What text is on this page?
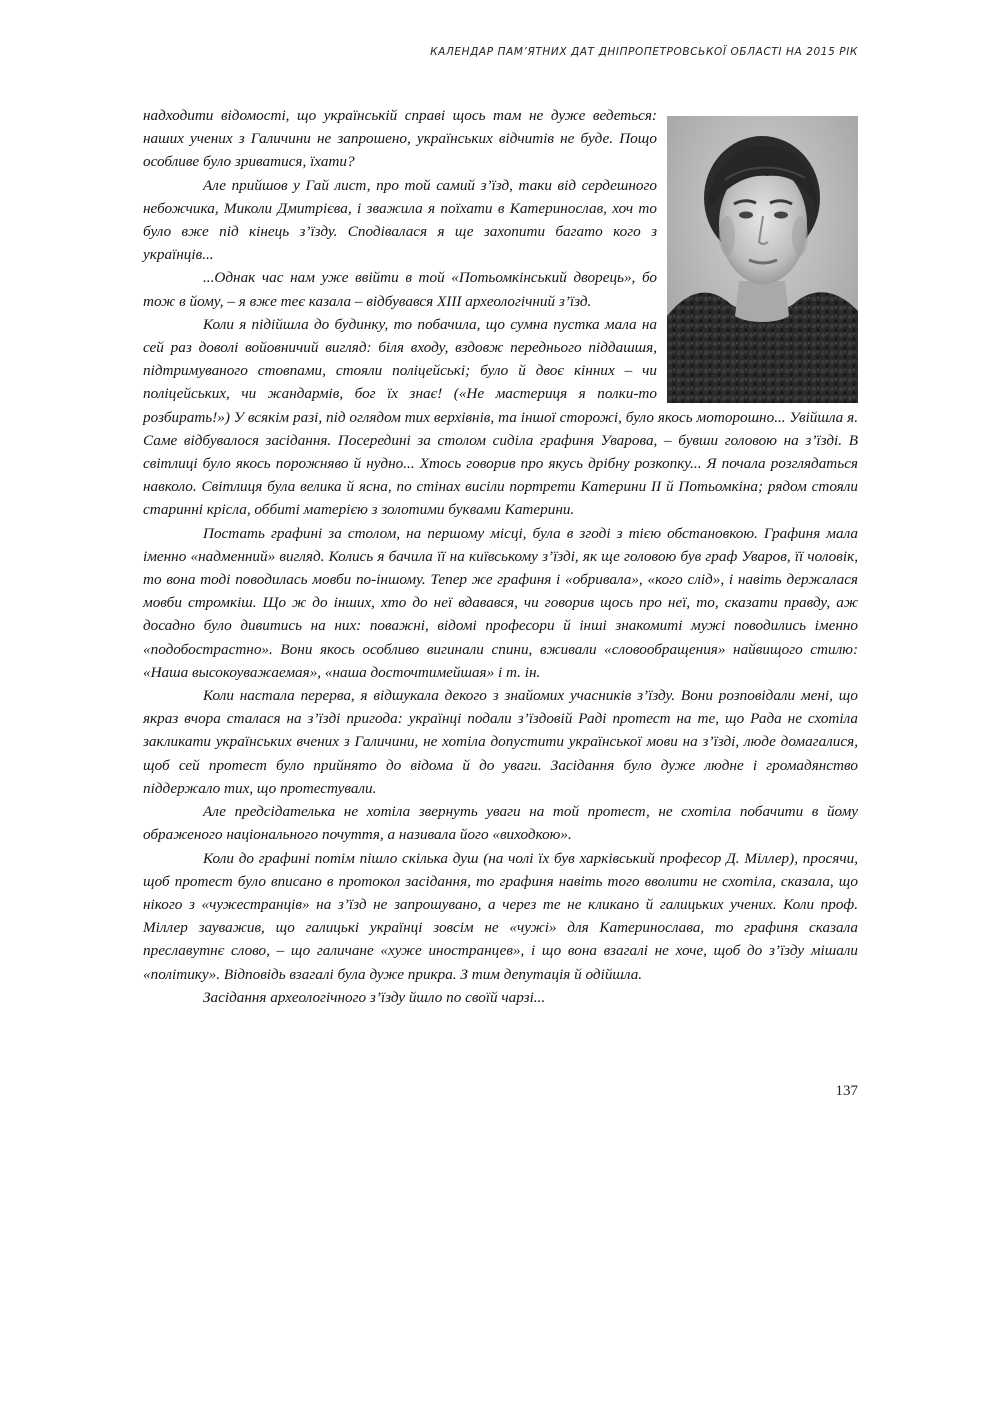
КАЛЕНДАР ПАМ’ЯТНИХ ДАТ ДНІПРОПЕТРОВСЬКОЇ ОБЛАСТІ НА 2015 РІК

надходити відомості, що українській справі щось там не дуже ведеться: наших учених з Галичини не запрошено, українських відчитів не буде. Пощо особливе було зриватися, їхати?

Але прийшов у Гай лист, про той самий з’їзд, таки від сердешного небожчика, Миколи Дмитрієва, і зважила я поїхати в Катеринослав, хоч то було вже під кінець з’їзду. Сподівалася я ще захопити багато кого з українців...

...Однак час нам уже ввійти в той «Потьомкінський дворець», бо тож в йому, – я вже теє казала – відбувався XIII археологічний з’їзд.

Коли я підійшла до будинку, то побачила, що сумна пустка мала на сей раз доволі войовничий вигляд: біля входу, вздовж переднього піддашшя, підтримуваного стовпами, стояли поліцейські; було й двоє кінних – чи поліцейських, чи жандармів, бог їх знає! («Не мастериця я полки-то розбирать!») У всякім разі, під оглядом тих верхівнів, та іншої сторожі, було якось моторошно... Увійшла я. Саме відбувалося засідання. Посередині за столом сиділа графиня Уварова, – бувши головою на з’їзді. В світлиці було якось порожняво й нудно... Хтось говорив про якусь дрібну розкопку... Я почала розглядаться навколо. Світлиця була велика й ясна, по стінах висіли портрети Катерини II й Потьомкіна; рядом стояли старинні крісла, оббиті матерією з золотими буквами Катерини.

Постать графині за столом, на першому місці, була в згоді з тією обстановкою. Графиня мала іменно «надменний» вигляд. Колись я бачила її на київському з’їзді, як ще головою був граф Уваров, її чоловік, то вона тоді поводилась мовби по-іншому. Тепер же графиня і «обривала», «кого слід», і навіть держалася мовби стромкіш. Що ж до інших, хто до неї вдавався, чи говорив щось про неї, то, сказати правду, аж досадно було дивитись на них: поважні, відомі професори й інші знакомиті мужі поводились іменно «подобострастно». Вони якось особливо вигинали спини, вживали «словообращения» найвищого стилю: «Наша высокоуважаемая», «наша досточтимейшая» і т. ін.

Коли настала перерва, я відшукала декого з знайомих учасників з’їзду. Вони розповідали мені, що якраз вчора сталася на з’їзді пригода: українці подали з’їздовій Раді протест на те, що Рада не схотіла закликати українських вчених з Галичини, не хотіла допустити української мови на з’їзді, люде домагалися, щоб сей протест було прийнято до відома й до уваги. Засідання було дуже людне і громадянство піддержало тих, що протестували.

Але предсідателька не хотіла звернуть уваги на той протест, не схотіла побачити в йому ображеного національного почуття, а називала його «виходкою».

Коли до графині потім пішло скілька душ (на чолі їх був харківський професор Д. Міллер), просячи, щоб протест було вписано в протокол засідання, то графиня навіть того вволити не схотіла, сказала, що нікого з «чужестранців» на з’їзд не запрошувано, а через те не кликано й галицьких учених. Коли проф. Міллер зауважив, що галицькі українці зовсім не «чужі» для Катеринослава, то графиня сказала преславутнє слово, – що галичане «хуже иностранцев», і що вона взагалі не хоче, щоб до з’їзду мішали «політику». Відповідь взагалі була дуже прикра. З тим депутація й одійшла.

Засідання археологічного з’їзду йшло по своїй чарзі...

137
